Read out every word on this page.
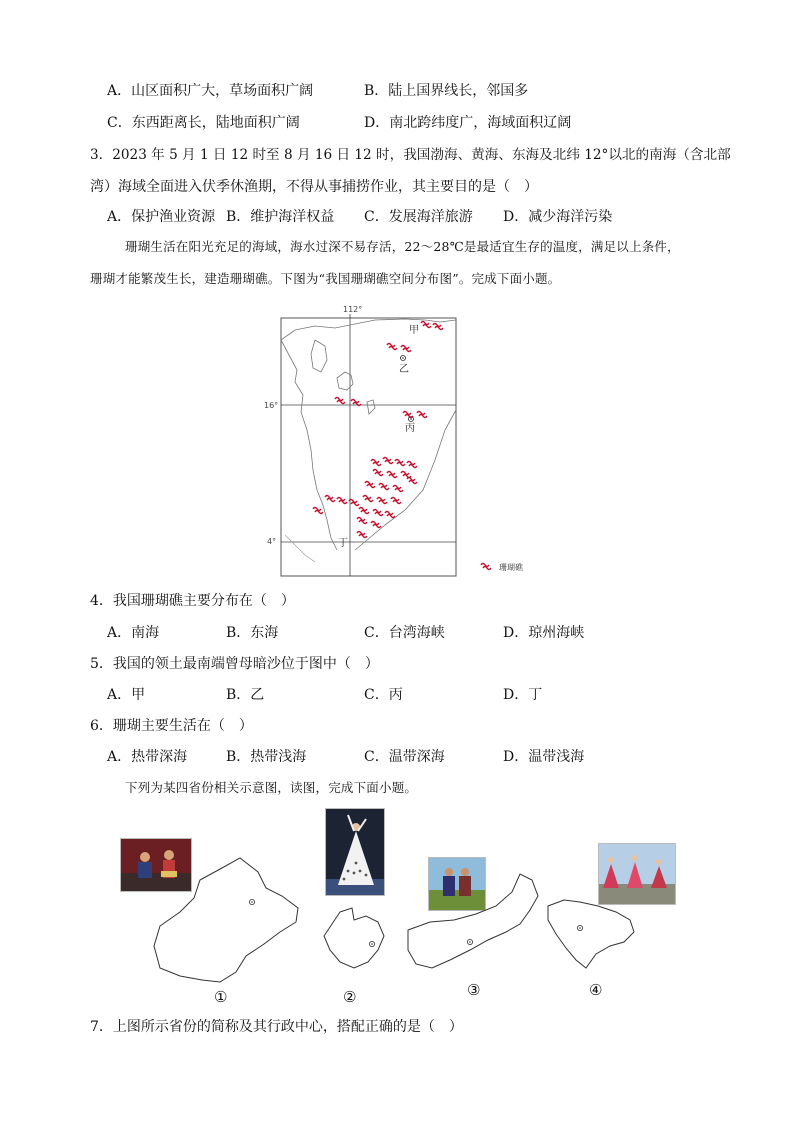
A．山区面积广大，草场面积广阔	B．陆上国界线长，邻国多
C．东西距离长，陆地面积广阔	D．南北跨纬度广，海域面积辽阔
3．2023 年 5 月 1 日 12 时至 8 月 16 日 12 时，我国渤海、黄海、东海及北纬 12°以北的南海（含北部
湾）海域全面进入伏季休渔期，不得从事捕捞作业，其主要目的是（　）
A．保护渔业资源 B．维护海洋权益 C．发展海洋旅游 D．减少海洋污染
珊瑚生活在阳光充足的海域，海水过深不易存活，22～28℃是最适宜生存的温度，满足以上条件，
珊瑚才能繁茂生长，建造珊瑚礁。下图为“我国珊瑚礁空间分布图”。完成下面小题。
112°
16°
4°
甲
乙
丙
丁
珊瑚礁
4．我国珊瑚礁主要分布在（　）
A．南海	B．东海	C．台湾海峡	D．琼州海峡
5．我国的领土最南端曾母暗沙位于图中（　）
A．甲	B．乙	C．丙	D．丁
6．珊瑚主要生活在（　）
A．热带深海	B．热带浅海	C．温带深海	D．温带浅海
下列为某四省份相关示意图，读图，完成下面小题。
①	②	③	④
7．上图所示省份的简称及其行政中心，搭配正确的是（　）
